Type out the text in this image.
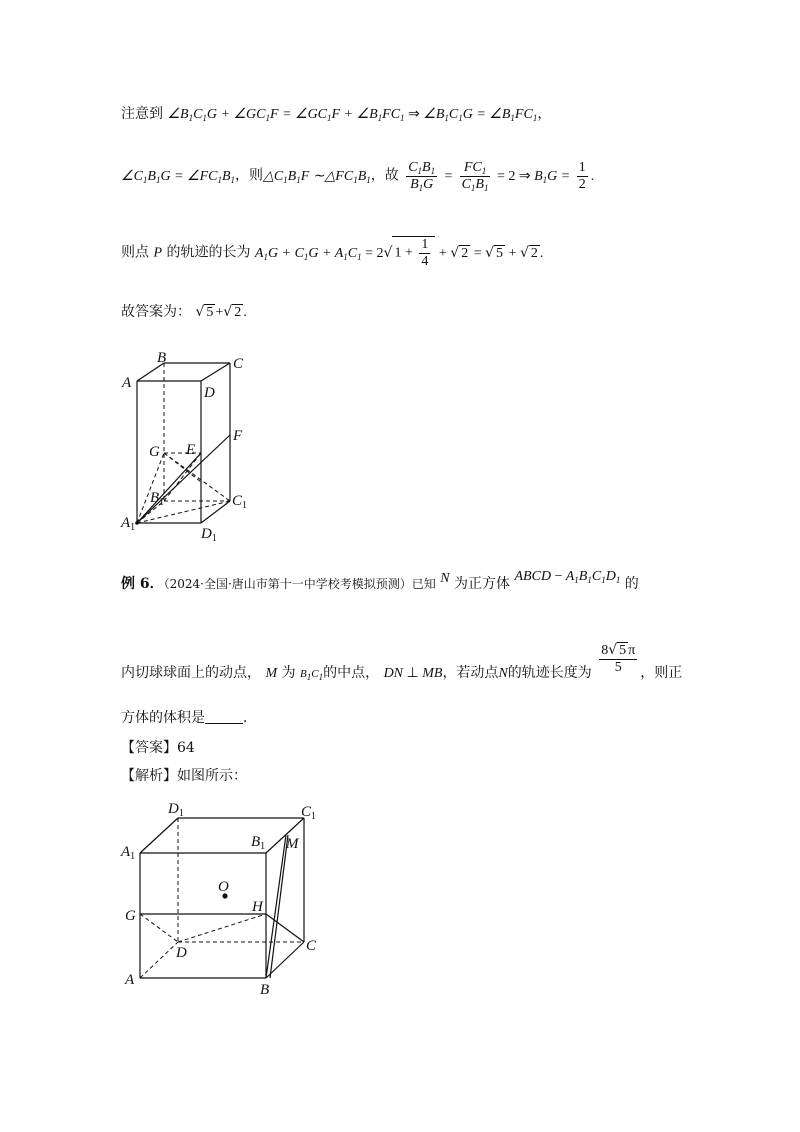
注意到 $\angle B_1C_1G$ + $\angle GC_1F$ = $\angle GC_1F$ + $\angle B_1FC_1$ ⇒ $\angle B_1C_1G$ = $\angle B_1FC_1$，
$\angle C_1B_1G$ = $\angle FC_1B_1$，则$\triangle C_1B_1F$ $\sim\triangle FC_1B_1$，故 $\frac{C_1B_1}{B_1G} = \frac{FC_1}{C_1B_1} = 2$ ⇒ $B_1G = \frac{1}{2}$ .
则点 P 的轨迹的长为 $A_1G + C_1G + A_1C_1 = 2√$ $1 + \frac{1}{4}$ + √ 2 = √ 5 + √ 2 .
故答案为： √ 5 +√ 2 .
B	C
A
D
F
G E
$B_1$	$C_1$
$A_1$	$D_1$
例 6．（2024·全国·唐山市第十一中学校考模拟预测）已知 N 为正方体 ABCD − $A_1B_1C_1D_1$ 的
内切球球面上的动点， M 为 $B_1C_1$的中点， DN ⊥ MB，若动点N的轨迹长度为 $\frac{8√ 5 \pi}{5}$ ，则正
方体的体积是	．
【答案】64
【解析】如图所示：
$D_1$	$C_1$
$A_1$
$B_1$ M
O
H
G
D	C
A
B
